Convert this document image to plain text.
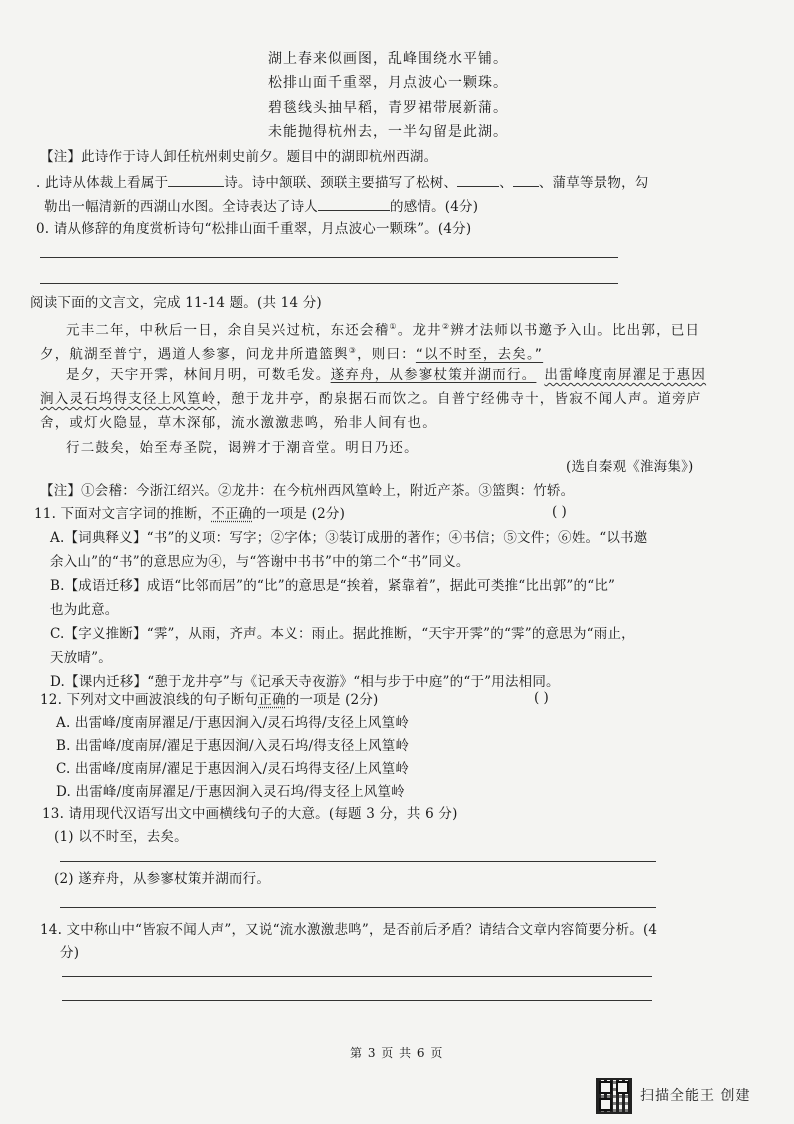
湖上春来似画图，乱峰围绕水平铺。
松排山面千重翠，月点波心一颗珠。
碧毯线头抽早稻，青罗裙带展新蒲。
未能抛得杭州去，一半勾留是此湖。
【注】此诗作于诗人卸任杭州刺史前夕。题目中的湖即杭州西湖。
. 此诗从体裁上看属于	诗。诗中颔联、颈联主要描写了松树、	、 、蒲草等景物，勾
勒出一幅清新的西湖山水图。全诗表达了诗人	的感情。(4分)
0. 请从修辞的角度赏析诗句“松排山面千重翠，月点波心一颗珠”。(4分)
阅读下面的文言文，完成 11-14 题。(共 14 分)
元丰二年，中秋后一日，余自吴兴过杭，东还会稽①。龙井②辨才法师以书邀予入山。比出郭，已日
夕，航湖至普宁，遇道人参寥，问龙井所遣篮舆③，则曰：“以不时至，去矣。”
是夕，天宇开霁，林间月明，可数毛发。遂弃舟，从参寥杖策并湖而行。  出雷峰度南屏濯足于惠因
涧入灵石坞得支径上风篁岭，憩于龙井亭，酌泉据石而饮之。自普宁经佛寺十，皆寂不闻人声。道旁庐
舍，或灯火隐显，草木深郁，流水激激悲鸣，殆非人间有也。
行二鼓矣，始至寿圣院，谒辨才于潮音堂。明日乃还。
(选自秦观《淮海集》)
【注】①会稽：今浙江绍兴。②龙井：在今杭州西风篁岭上，附近产茶。③篮舆：竹轿。
11. 下面对文言字词的推断，不正确的一项是 (2分)	( )
A.【词典释义】“书”的义项：写字；②字体；③装订成册的著作；④书信；⑤文件；⑥姓。“以书邀
余入山”的“书”的意思应为④，与“答谢中书书”中的第二个“书”同义。
B.【成语迁移】成语“比邻而居”的“比”的意思是“挨着，紧靠着”，据此可类推“比出郭”的“比”
也为此意。
C.【字义推断】“霁”，从雨，齐声。本义：雨止。据此推断，“天宇开霁”的“霁”的意思为“雨止，
天放晴”。
D.【课内迁移】“憩于龙井亭”与《记承天寺夜游》“相与步于中庭”的“于”用法相同。
12. 下列对文中画波浪线的句子断句正确的一项是 (2分)	( )
A. 出雷峰/度南屏濯足/于惠因涧入/灵石坞得/支径上风篁岭
B. 出雷峰/度南屏/濯足于惠因涧/入灵石坞/得支径上风篁岭
C. 出雷峰/度南屏/濯足于惠因涧入/灵石坞得支径/上风篁岭
D. 出雷峰/度南屏濯足/于惠因涧入灵石坞/得支径上风篁岭
13. 请用现代汉语写出文中画横线句子的大意。(每题 3 分，共 6 分)
(1) 以不时至，去矣。
(2) 遂弃舟，从参寥杖策并湖而行。
14. 文中称山中“皆寂不闻人声”，又说“流水激激悲鸣”，是否前后矛盾？请结合文章内容简要分析。(4
分)
第 3 页 共 6 页
扫描全能王 创建
